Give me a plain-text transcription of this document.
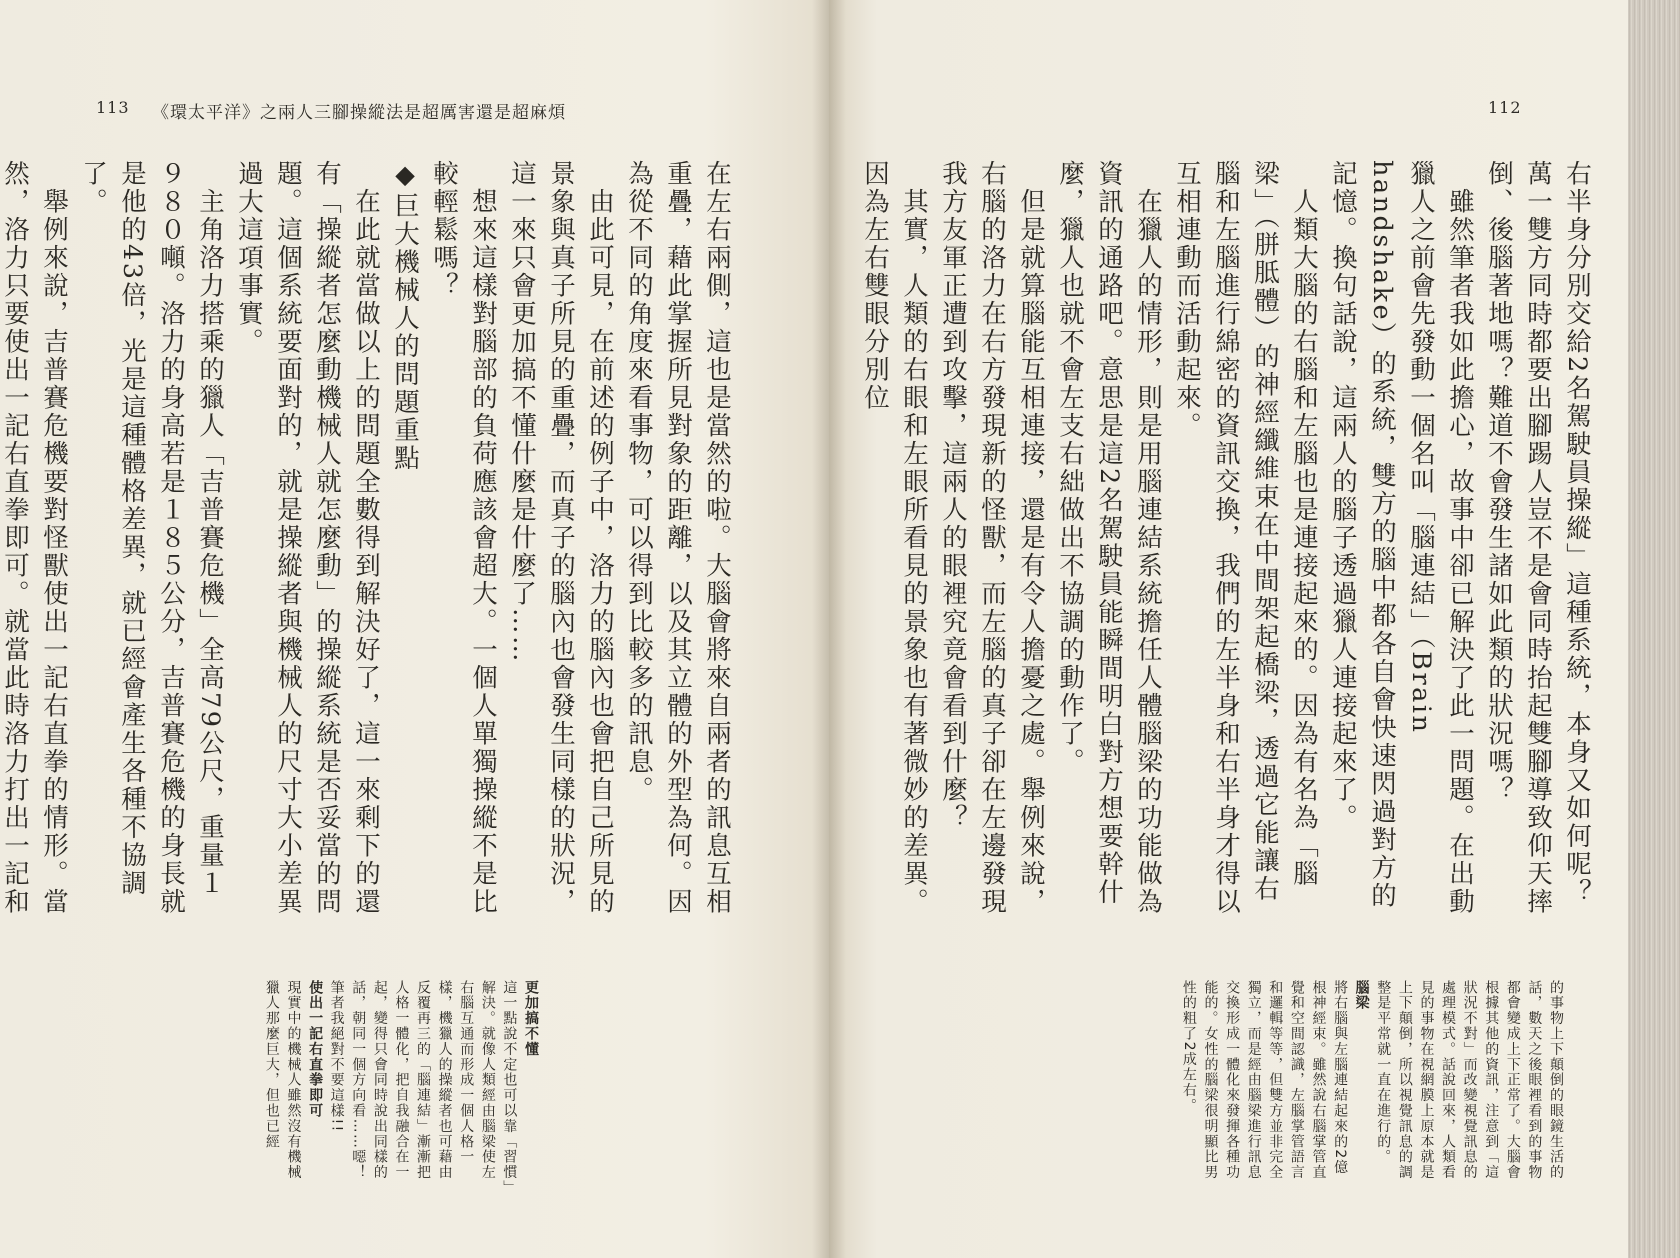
113 《環太平洋》之兩人三腳操縱法是超厲害還是超麻煩	112
右半身分別交給2名駕駛員操縱」這種系統，本身又如何呢？萬一雙方同時都要出腳踢人豈不是會同時抬起雙腳導致仰天摔倒、後腦著地嗎？難道不會發生諸如此類的狀況嗎？
　雖然筆者我如此擔心，故事中卻已解決了此一問題。在出動獵人之前會先發動一個名叫「腦連結」（Brain handshake）的系統，雙方的腦中都各自會快速閃過對方的記憶。換句話說，這兩人的腦子透過獵人連接起來了。
　人類大腦的右腦和左腦也是連接起來的。因為有名為「腦梁」（胼胝體）的神經纖維束在中間架起橋梁，透過它能讓右腦和左腦進行綿密的資訊交換，我們的左半身和右半身才得以互相連動而活動起來。
　在獵人的情形，則是用腦連結系統擔任人體腦梁的功能做為資訊的通路吧。意思是這2名駕駛員能瞬間明白對方想要幹什麼，獵人也就不會左支右絀做出不協調的動作了。
　但是就算腦能互相連接，還是有令人擔憂之處。舉例來說，右腦的洛力在右方發現新的怪獸，而左腦的真子卻在左邊發現我方友軍正遭到攻擊，這兩人的眼裡究竟會看到什麼？
　其實，人類的右眼和左眼所看見的景象也有著微妙的差異。因為左右雙眼分別位
在左右兩側，這也是當然的啦。大腦會將來自兩者的訊息互相重疊，藉此掌握所見對象的距離，以及其立體的外型為何。因為從不同的角度來看事物，可以得到比較多的訊息。
　由此可見，在前述的例子中，洛力的腦內也會把自己所見的景象與真子所見的重疊，而真子的腦內也會發生同樣的狀況，這一來只會更加搞不懂什麼是什麼了……
　想來這樣對腦部的負荷應該會超大。一個人單獨操縱不是比較輕鬆嗎？
◆巨大機械人的問題重點
　在此就當做以上的問題全數得到解決好了，這一來剩下的還有「操縱者怎麼動機械人就怎麼動」的操縱系統是否妥當的問題。這個系統要面對的，就是操縱者與機械人的尺寸大小差異過大這項事實。
　主角洛力搭乘的獵人「吉普賽危機」全高79公尺，重量１９８０噸。洛力的身高若是１８５公分，吉普賽危機的身長就是他的43倍，光是這種體格差異，就已經會產生各種不協調了。
　舉例來說，吉普賽危機要對怪獸使出一記右直拳的情形。當然，洛力只要使出一記右直拳即可。就當此時洛力打出一記和
的事物上下顛倒的眼鏡生活的話，數天之後眼裡看到的事物都會變成上下正常了。大腦會根據其他的資訊，注意到「這狀況不對」而改變視覺訊息的處理模式。話說回來，人類看見的事物在視網膜上原本就是上下顛倒，所以視覺訊息的調整是平常就一直在進行的。

腦梁
將右腦與左腦連結起來的2億根神經束。雖然說右腦掌管直覺和空間認識，左腦掌管語言和邏輯等等，但雙方並非完全獨立，而是經由腦梁進行訊息交換形成一體化來發揮各種功能的。女性的腦梁很明顯比男性的粗了2成左右。
更加搞不懂
這一點說不定也可以靠「習慣」解決。就像人類經由腦梁使左右腦互通而形成一個人格一樣，機獵人的操縱者也可藉由反覆再三的「腦連結」漸漸把人格一體化，把自我融合在一起，變得只會同時說出同樣的話，朝同一個方向看……噁！筆者我絕對不要這樣!!

使出一記右直拳即可
現實中的機械人雖然沒有機械獵人那麼巨大，但也已經
